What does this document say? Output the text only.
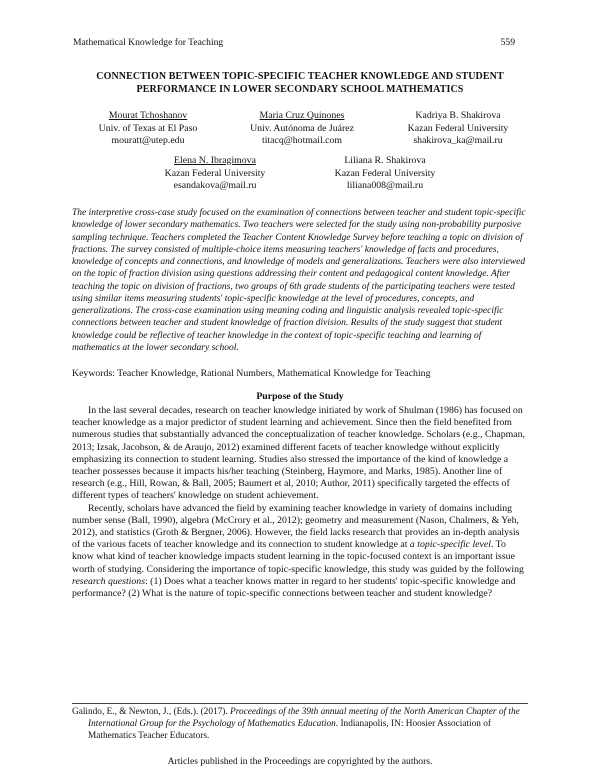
Mathematical Knowledge for Teaching	559
CONNECTION BETWEEN TOPIC-SPECIFIC TEACHER KNOWLEDGE AND STUDENT
PERFORMANCE IN LOWER SECONDARY SCHOOL MATHEMATICS
Mourat Tchoshanov
Univ. of Texas at El Paso
mouratt@utep.edu
Maria Cruz Quinones
Univ. Autónoma de Juárez
titacq@hotmail.com
Kadriya B. Shakirova
Kazan Federal University
shakirova_ka@mail.ru
Elena N. Ibragimova
Kazan Federal University
esandakova@mail.ru
Liliana R. Shakirova
Kazan Federal University
liliana008@mail.ru
The interpretive cross-case study focused on the examination of connections between teacher and student topic-specific knowledge of lower secondary mathematics. Two teachers were selected for the study using non-probability purposive sampling technique. Teachers completed the Teacher Content Knowledge Survey before teaching a topic on division of fractions. The survey consisted of multiple-choice items measuring teachers' knowledge of facts and procedures, knowledge of concepts and connections, and knowledge of models and generalizations. Teachers were also interviewed on the topic of fraction division using questions addressing their content and pedagogical content knowledge. After teaching the topic on division of fractions, two groups of 6th grade students of the participating teachers were tested using similar items measuring students' topic-specific knowledge at the level of procedures, concepts, and generalizations. The cross-case examination using meaning coding and linguistic analysis revealed topic-specific connections between teacher and student knowledge of fraction division. Results of the study suggest that student knowledge could be reflective of teacher knowledge in the context of topic-specific teaching and learning of mathematics at the lower secondary school.
Keywords: Teacher Knowledge, Rational Numbers, Mathematical Knowledge for Teaching
Purpose of the Study

In the last several decades, research on teacher knowledge initiated by work of Shulman (1986) has focused on teacher knowledge as a major predictor of student learning and achievement. Since then the field benefited from numerous studies that substantially advanced the conceptualization of teacher knowledge. Scholars (e.g., Chapman, 2013; Izsak, Jacobson, & de Araujo, 2012) examined different facets of teacher knowledge without explicitly emphasizing its connection to student learning. Studies also stressed the importance of the kind of knowledge a teacher possesses because it impacts his/her teaching (Steinberg, Haymore, and Marks, 1985). Another line of research (e.g., Hill, Rowan, & Ball, 2005; Baumert et al, 2010; Author, 2011) specifically targeted the effects of different types of teachers' knowledge on student achievement.

Recently, scholars have advanced the field by examining teacher knowledge in variety of domains including number sense (Ball, 1990), algebra (McCrory et al., 2012); geometry and measurement (Nason, Chalmers, & Yeh, 2012), and statistics (Groth & Bergner, 2006). However, the field lacks research that provides an in-depth analysis of the various facets of teacher knowledge and its connection to student knowledge at a topic-specific level. To know what kind of teacher knowledge impacts student learning in the topic-focused context is an important issue worth of studying. Considering the importance of topic-specific knowledge, this study was guided by the following research questions: (1) Does what a teacher knows matter in regard to her students' topic-specific knowledge and performance? (2) What is the nature of topic-specific connections between teacher and student knowledge?

Galindo, E., & Newton, J., (Eds.). (2017). Proceedings of the 39th annual meeting of the North American Chapter of the International Group for the Psychology of Mathematics Education. Indianapolis, IN: Hoosier Association of Mathematics Teacher Educators.
Articles published in the Proceedings are copyrighted by the authors.
